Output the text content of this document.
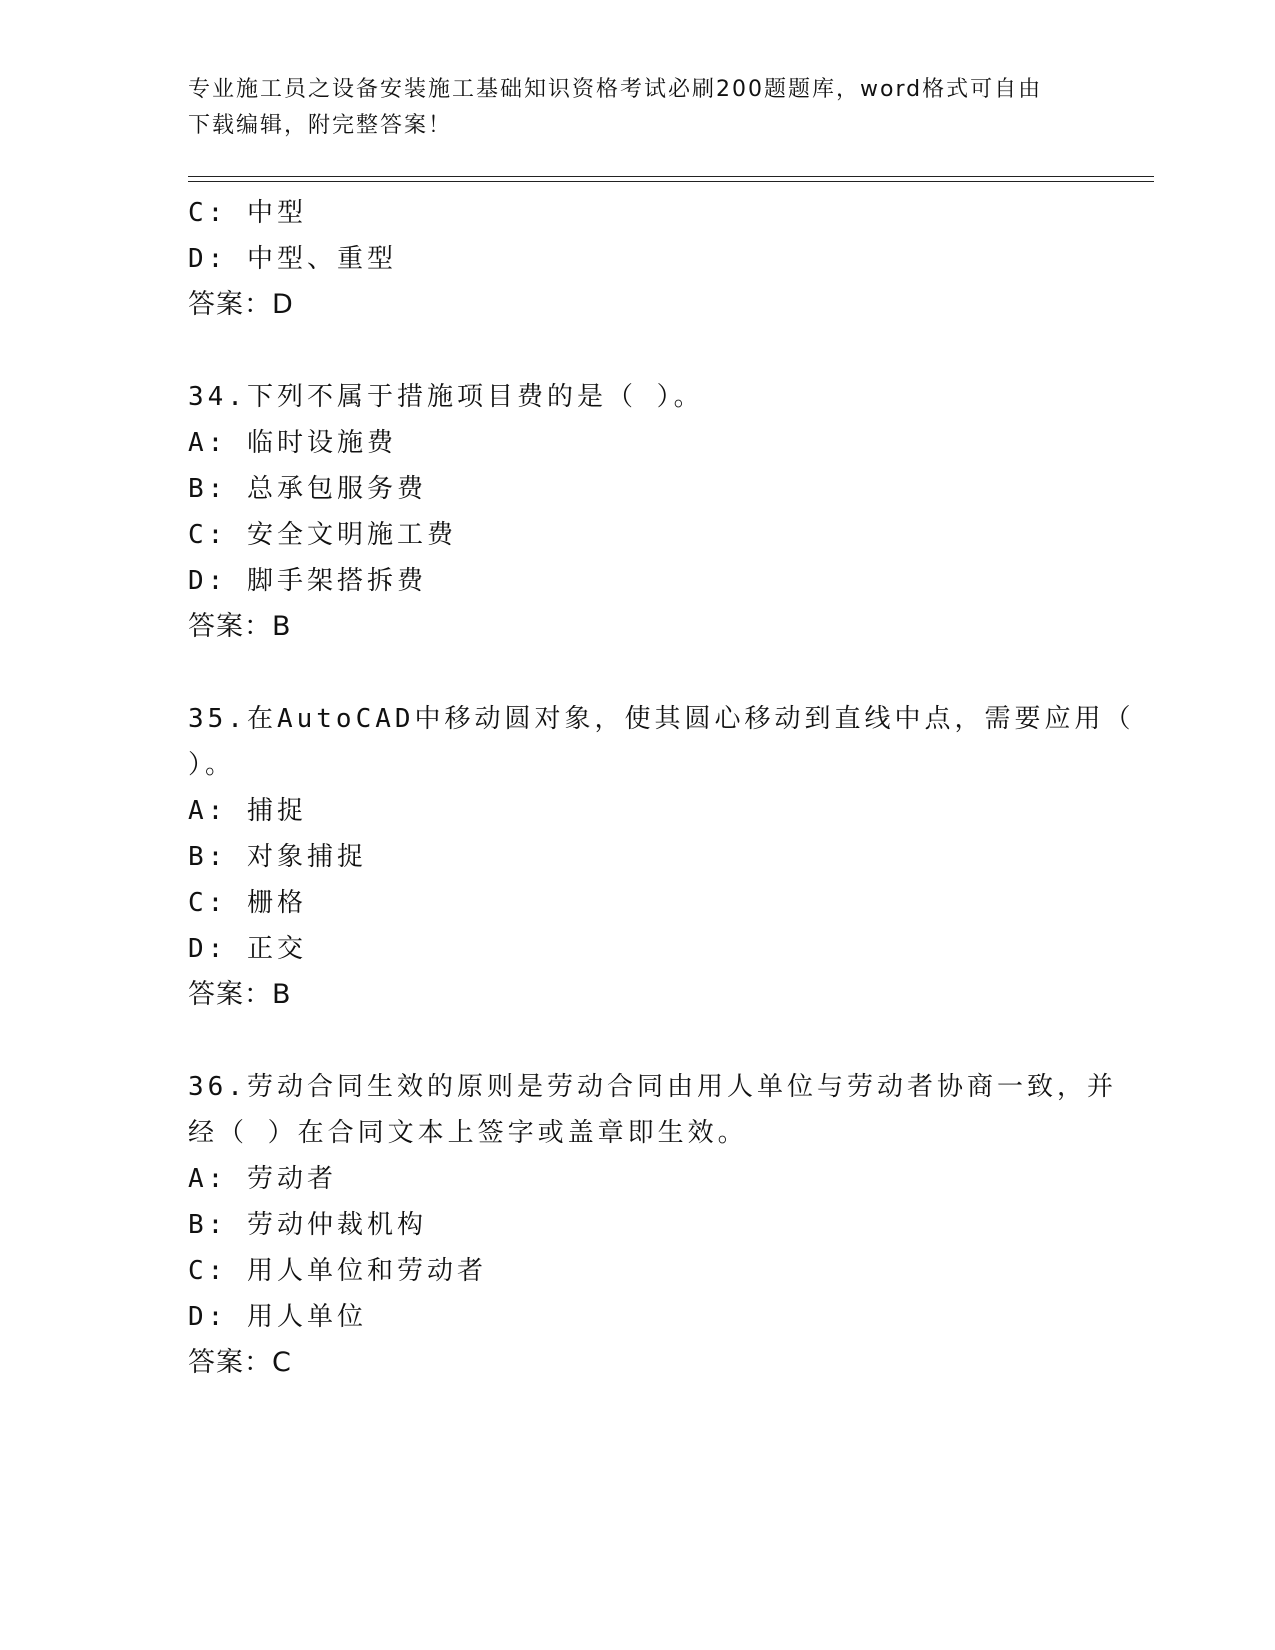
专业施工员之设备安装施工基础知识资格考试必刷200题题库，word格式可自由
下载编辑，附完整答案！
C: 中型
D: 中型、重型
答案：D
34.下列不属于措施项目费的是（ ）。
A: 临时设施费
B: 总承包服务费
C: 安全文明施工费
D: 脚手架搭拆费
答案：B
35.在AutoCAD中移动圆对象，使其圆心移动到直线中点，需要应用（
）。
A: 捕捉
B: 对象捕捉
C: 栅格
D: 正交
答案：B
36.劳动合同生效的原则是劳动合同由用人单位与劳动者协商一致，并
经（ ）在合同文本上签字或盖章即生效。
A: 劳动者
B: 劳动仲裁机构
C: 用人单位和劳动者
D: 用人单位
答案：C
